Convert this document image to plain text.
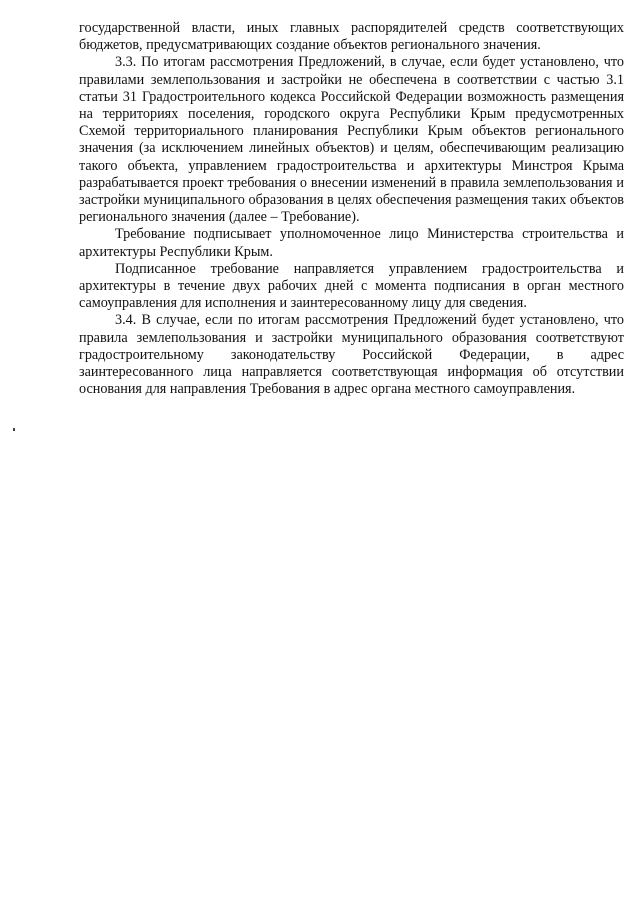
государственной власти, иных главных распорядителей средств соответствующих бюджетов, предусматривающих создание объектов регионального значения.

3.3. По итогам рассмотрения Предложений, в случае, если будет установлено, что правилами землепользования и застройки не обеспечена в соответствии с частью 3.1 статьи 31 Градостроительного кодекса Российской Федерации возможность размещения на территориях поселения, городского округа Республики Крым предусмотренных Схемой территориального планирования Республики Крым объектов регионального значения (за исключением линейных объектов) и целям, обеспечивающим реализацию такого объекта, управлением градостроительства и архитектуры Минстроя Крыма разрабатывается проект требования о внесении изменений в правила землепользования и застройки муниципального образования в целях обеспечения размещения таких объектов регионального значения (далее – Требование).

Требование подписывает уполномоченное лицо Министерства строительства и архитектуры Республики Крым.

Подписанное требование направляется управлением градостроительства и архитектуры в течение двух рабочих дней с момента подписания в орган местного самоуправления для исполнения и заинтересованному лицу для сведения.

3.4. В случае, если по итогам рассмотрения Предложений будет установлено, что правила землепользования и застройки муниципального образования соответствуют градостроительному законодательству Российской Федерации, в адрес заинтересованного лица направляется соответствующая информация об отсутствии основания для направления Требования в адрес органа местного самоуправления.
